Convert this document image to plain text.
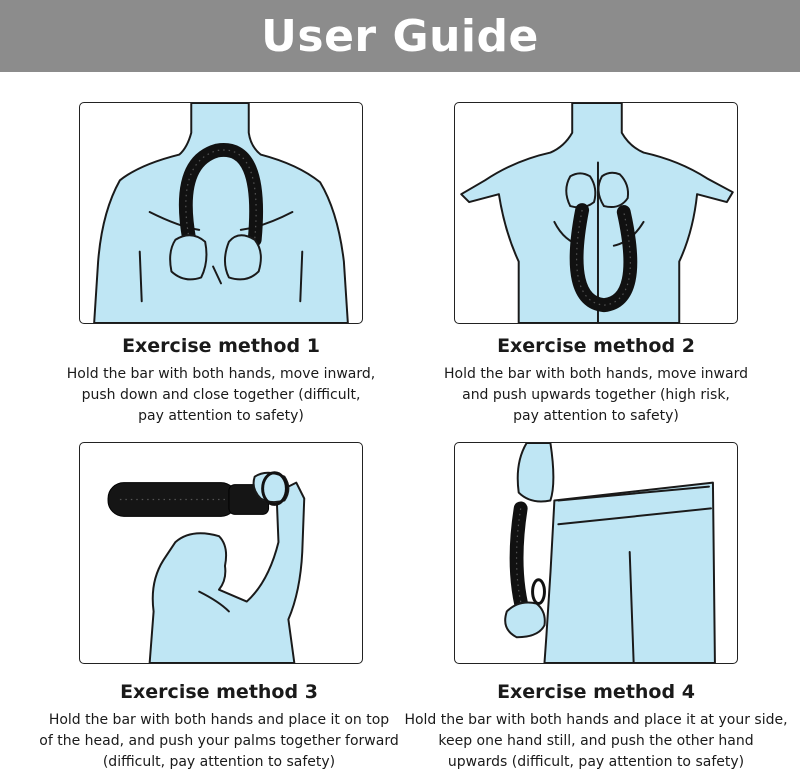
User Guide

Exercise method 1

Hold the bar with both hands, move inward,
push down and close together (difficult,
pay attention to safety)

Exercise method 2

Hold the bar with both hands, move inward
and push upwards together (high risk,
pay attention to safety)

Exercise method 3

Hold the bar with both hands and place it on top
of the head, and push your palms together forward
(difficult, pay attention to safety)

Exercise method 4

Hold the bar with both hands and place it at your side,
keep one hand still, and push the other hand
upwards (difficult, pay attention to safety)
